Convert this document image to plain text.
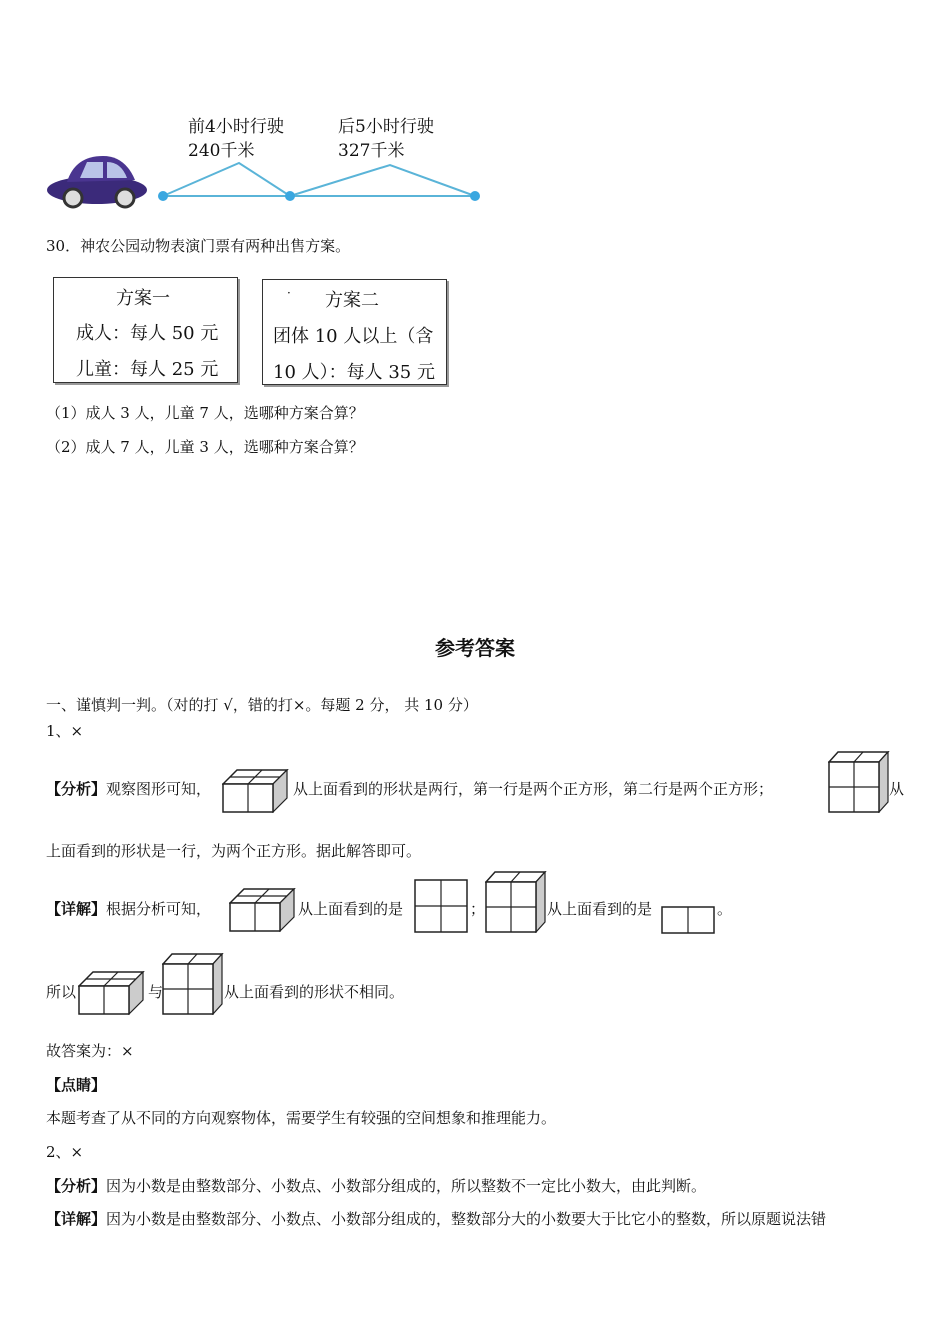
前4小时行驶
240千米
后5小时行驶
327千米
30．神农公园动物表演门票有两种出售方案。
方案一
成人：每人 50 元
儿童：每人 25 元
· 方案二
团体 10 人以上（含
10 人）：每人 35 元
（1）成人 3 人，儿童 7 人，选哪种方案合算？
（2）成人 7 人，儿童 3 人，选哪种方案合算？
参考答案
一、谨慎判一判。（对的打 √，错的打×。每题 2 分， 共 10 分）
1、×
【分析】观察图形可知，	从上面看到的形状是两行，第一行是两个正方形，第二行是两个正方形；	从
上面看到的形状是一行，为两个正方形。据此解答即可。
【详解】根据分析可知，	从上面看到的是	；	从上面看到的是	。
所以	与	从上面看到的形状不相同。
故答案为：×
【点睛】
本题考查了从不同的方向观察物体，需要学生有较强的空间想象和推理能力。
2、×
【分析】因为小数是由整数部分、小数点、小数部分组成的，所以整数不一定比小数大，由此判断。
【详解】因为小数是由整数部分、小数点、小数部分组成的，整数部分大的小数要大于比它小的整数，所以原题说法错
